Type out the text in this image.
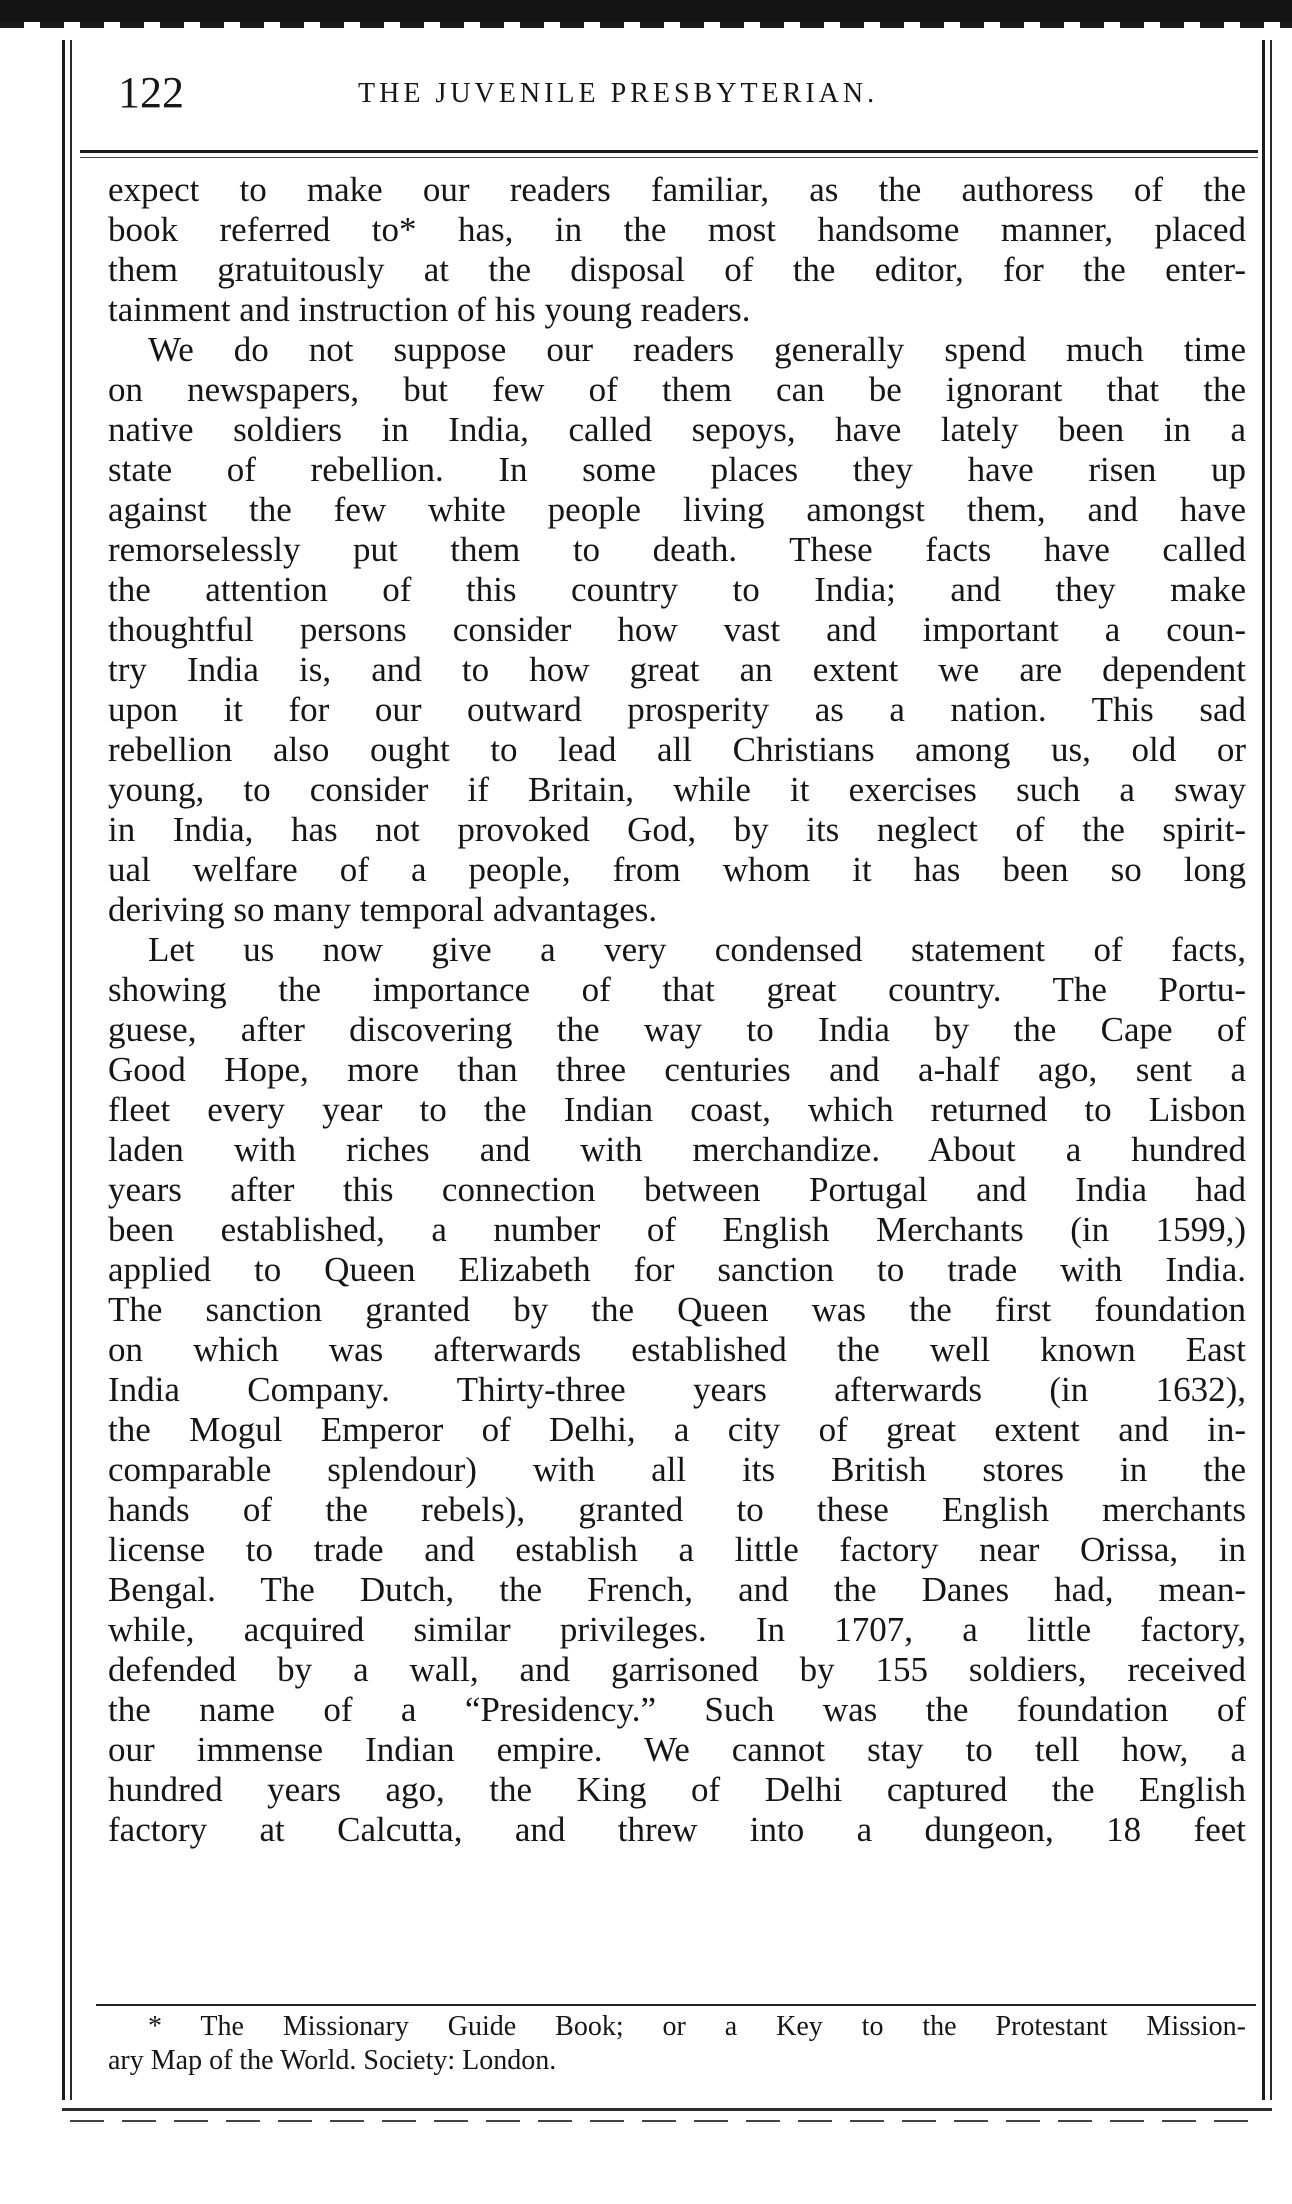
122	THE JUVENILE PRESBYTERIAN.
expect to make our readers familiar, as the authoress of the
book referred to* has, in the most handsome manner, placed
them gratuitously at the disposal of the editor, for the enter-
tainment and instruction of his young readers.
We do not suppose our readers generally spend much time
on newspapers, but few of them can be ignorant that the
native soldiers in India, called sepoys, have lately been in a
state of rebellion. In some places they have risen up
against the few white people living amongst them, and have
remorselessly put them to death. These facts have called
the attention of this country to India; and they make
thoughtful persons consider how vast and important a coun-
try India is, and to how great an extent we are dependent
upon it for our outward prosperity as a nation. This sad
rebellion also ought to lead all Christians among us, old or
young, to consider if Britain, while it exercises such a sway
in India, has not provoked God, by its neglect of the spirit-
ual welfare of a people, from whom it has been so long
deriving so many temporal advantages.
Let us now give a very condensed statement of facts,
showing the importance of that great country. The Portu-
guese, after discovering the way to India by the Cape of
Good Hope, more than three centuries and a-half ago, sent a
fleet every year to the Indian coast, which returned to Lisbon
laden with riches and with merchandize. About a hundred
years after this connection between Portugal and India had
been established, a number of English Merchants (in 1599,)
applied to Queen Elizabeth for sanction to trade with India.
The sanction granted by the Queen was the first foundation
on which was afterwards established the well known East
India Company. Thirty-three years afterwards (in 1632),
the Mogul Emperor of Delhi, a city of great extent and in-
comparable splendour) with all its British stores in the
hands of the rebels), granted to these English merchants
license to trade and establish a little factory near Orissa, in
Bengal. The Dutch, the French, and the Danes had, mean-
while, acquired similar privileges. In 1707, a little factory,
defended by a wall, and garrisoned by 155 soldiers, received
the name of a “Presidency.” Such was the foundation of
our immense Indian empire. We cannot stay to tell how, a
hundred years ago, the King of Delhi captured the English
factory at Calcutta, and threw into a dungeon, 18 feet
* The Missionary Guide Book; or a Key to the Protestant Mission-
ary Map of the World. Society: London.
